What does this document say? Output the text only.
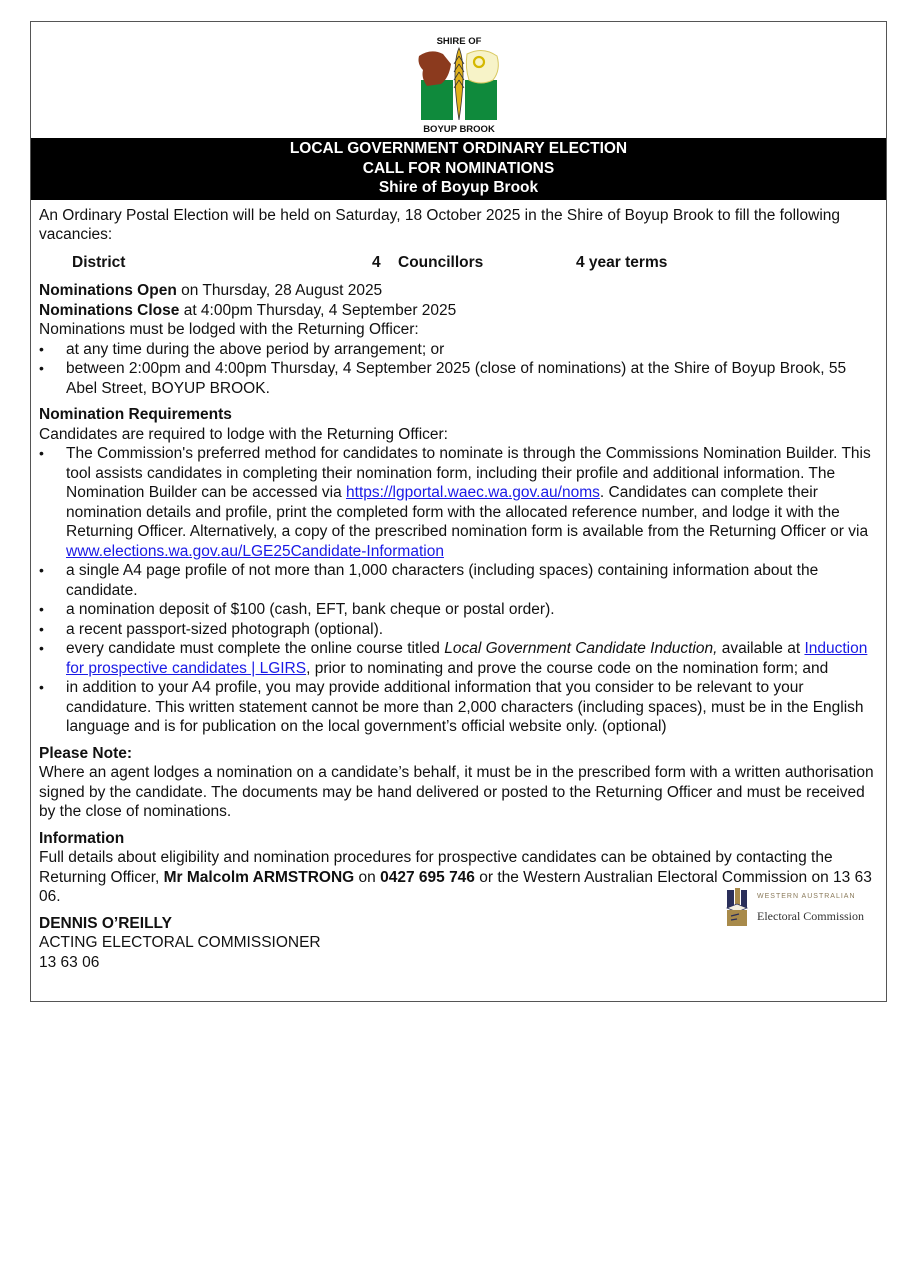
SHIRE OF
BOYUP BROOK
LOCAL GOVERNMENT ORDINARY ELECTION
CALL FOR NOMINATIONS
Shire of Boyup Brook

An Ordinary Postal Election will be held on Saturday, 18 October 2025 in the Shire of Boyup Brook to fill the following vacancies:

District	4	Councillors	4 year terms

Nominations Open on Thursday, 28 August 2025

Nominations Close at 4:00pm Thursday, 4 September 2025

Nominations must be lodged with the Returning Officer:

• at any time during the above period by arrangement; or
• between 2:00pm and 4:00pm Thursday, 4 September 2025 (close of nominations) at the Shire of Boyup Brook, 55 Abel Street, BOYUP BROOK.

Nomination Requirements

Candidates are required to lodge with the Returning Officer:

• The Commission's preferred method for candidates to nominate is through the Commissions Nomination Builder. This tool assists candidates in completing their nomination form, including their profile and additional information. The Nomination Builder can be accessed via https://lgportal.waec.wa.gov.au/noms. Candidates can complete their nomination details and profile, print the completed form with the allocated reference number, and lodge it with the Returning Officer. Alternatively, a copy of the prescribed nomination form is available from the Returning Officer or via www.elections.wa.gov.au/LGE25Candidate-Information
• a single A4 page profile of not more than 1,000 characters (including spaces) containing information about the candidate.
• a nomination deposit of $100 (cash, EFT, bank cheque or postal order).
• a recent passport-sized photograph (optional).
• every candidate must complete the online course titled Local Government Candidate Induction, available at Induction for prospective candidates | LGIRS, prior to nominating and prove the course code on the nomination form; and
• in addition to your A4 profile, you may provide additional information that you consider to be relevant to your candidature. This written statement cannot be more than 2,000 characters (including spaces), must be in the English language and is for publication on the local government’s official website only. (optional)

Please Note:

Where an agent lodges a nomination on a candidate’s behalf, it must be in the prescribed form with a written authorisation signed by the candidate. The documents may be hand delivered or posted to the Returning Officer and must be received by the close of nominations.

Information

Full details about eligibility and nomination procedures for prospective candidates can be obtained by contacting the Returning Officer, Mr Malcolm ARMSTRONG on 0427 695 746 or the Western Australian Electoral Commission on 13 63 06.

DENNIS O’REILLY

ACTING ELECTORAL COMMISSIONER

13 63 06

WESTERN AUSTRALIAN
Electoral Commission
